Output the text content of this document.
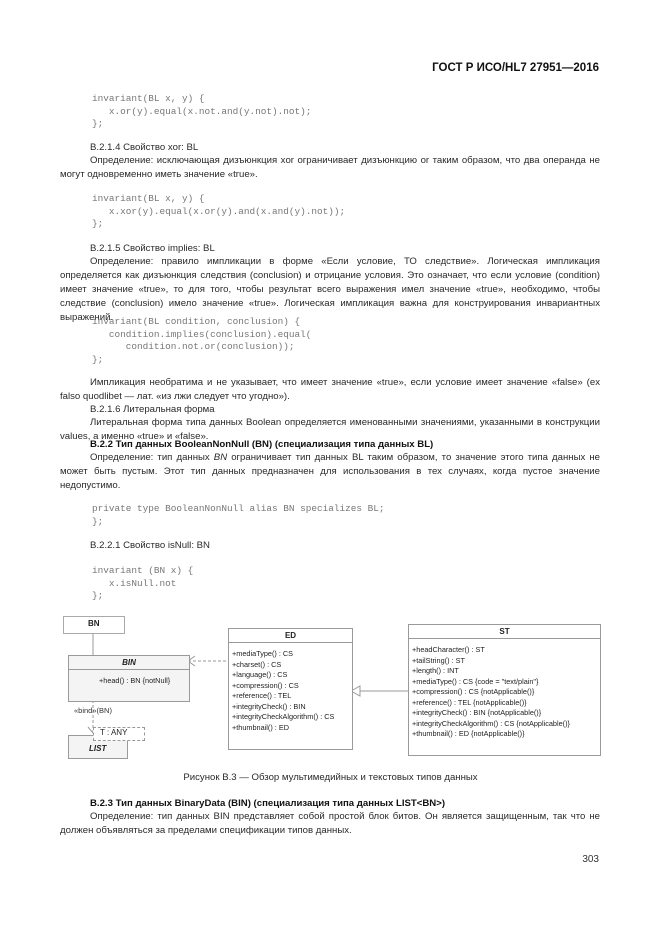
ГОСТ Р ИСО/HL7 27951—2016
invariant(BL x, y) {
x.or(y).equal(x.not.and(y.not).not);
};
В.2.1.4 Свойство xor: BL
Определение: исключающая дизъюнкция xor ограничивает дизъюнкцию or таким образом, что два операнда не могут одновременно иметь значение «true».
invariant(BL x, y) {
x.xor(y).equal(x.or(y).and(x.and(y).not));
};
В.2.1.5 Свойство implies: BL
Определение: правило импликации в форме «Если условие, ТО следствие». Логическая импликация определяется как дизъюнкция следствия (conclusion) и отрицание условия. Это означает, что если условие (condition) имеет значение «true», то для того, чтобы результат всего выражения имел значение «true», необходимо, чтобы следствие (conclusion) имело значение «true». Логическая импликация важна для конструирования инвариантных выражений.
invariant(BL condition, conclusion) {
condition.implies(conclusion).equal(
condition.not.or(conclusion));
};
Импликация необратима и не указывает, что имеет значение «true», если условие имеет значение «false» (ex falso quodlibet — лат. «из лжи следует что угодно»).
В.2.1.6 Литеральная форма
Литеральная форма типа данных Boolean определяется именованными значениями, указанными в конструкции values, а именно «true» и «false».
В.2.2 Тип данных BooleanNonNull (BN) (специализация типа данных BL)
Определение: тип данных BN ограничивает тип данных BL таким образом, то значение этого типа данных не может быть пустым. Этот тип данных предназначен для использования в тех случаях, когда пустое значение недопустимо.
private type BooleanNonNull alias BN specializes BL;
};
В.2.2.1 Свойство isNull: BN
invariant (BN x) {
x.isNull.not
};
BN
BIN
+head() : BN {notNull}
«bind»(BN)
LIST
T : ANY
ED
+mediaType() : CS
+charset() : CS
+language() : CS
+compression() : CS
+reference() : TEL
+integrityCheck() : BIN
+integrityCheckAlgorithm() : CS
+thumbnail() : ED
ST
+headCharacter() : ST
+tailString() : ST
+length() : INT
+mediaType() : CS {code = "text/plain"}
+compression() : CS {notApplicable()}
+reference() : TEL {notApplicable()}
+integrityCheck() : BIN {notApplicable()}
+integrityCheckAlgorithm() : CS {notApplicable()}
+thumbnail() : ED {notApplicable()}
Рисунок В.3 — Обзор мультимедийных и текстовых типов данных
В.2.3 Тип данных BinaryData (BIN) (специализация типа данных LIST<BN>)
Определение: тип данных BIN представляет собой простой блок битов. Он является защищенным, так что не должен объявляться за пределами спецификации типов данных.
303
